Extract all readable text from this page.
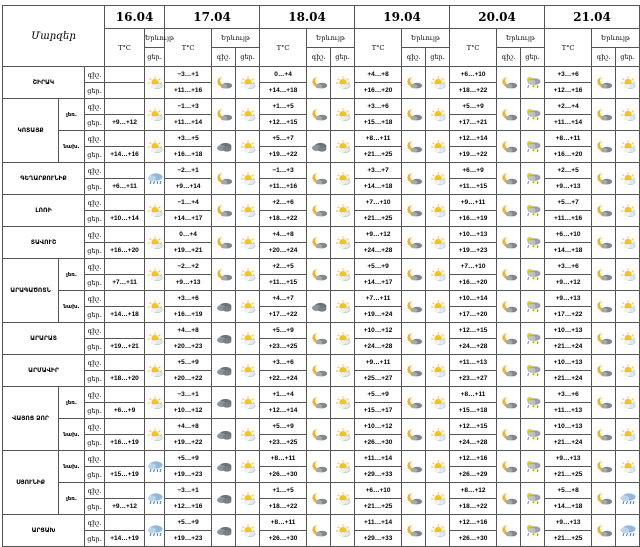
Մարզեր			16.04		17.04			18.04			19.04			20.04			21.04		
			T°C	Երևույթ	T°C	Երևույթ		T°C	Երևույթ		T°C	Երևույթ		T°C	Երևույթ		T°C	Երևույթ	
				ցեր.		գիշ.	ցեր.		գիշ.	ցեր.		գիշ.	ցեր.		գիշ.	ցեր.		գիշ.	ցեր.
ՇԻՐԱԿ		գիշ.			−3…+1			0…+4			+4…+8			+6…+10			+3…+6	

		ցեր.			+11…+16			+14…+18			+16…+20			+18…+22			+12…+16		
ԿՈՏԱՅՔ	լեռ.	գիշ.			−1…+3			+1…+5			+3…+6			+5…+9			+2…+4	

		ցեր.	+9…+12		+11…+14			+12…+15			+15…+18			+17…+21			+11…+14		
	նախ.	գիշ.			+3…+5			+5…+7			+8…+11			+12…+14			+8…+11	

		ցեր.	+14…+16		+16…+18			+19…+22			+21…+25			+19…+22			+16…+20		
ԳԵՂԱՐՔՈՒՆԻՔ		գիշ.			−2…+1			−1…+3			+3…+7			+6…+9			+2…+5	

		ցեր.	+6…+11		+9…+14			+11…+16			+14…+18			+11…+15			+9…+13		
ԼՈՌԻ		գիշ.			−1…+4			+2…+6			+7…+10			+9…+11			+5…+7	

		ցեր.	+10…+14		+14…+17			+18…+22			+21…+25			+16…+19			+11…+16		
ՏԱՎՈՒՇ		գիշ.			0…+4			+4…+8			+9…+12			+10…+13			+6…+10	

		ցեր.	+16…+20		+19…+21			+20…+24			+24…+28			+19…+23			+14…+18		
ԱՐԱԳԱԾՈՏՆ	լեռ.	գիշ.			−2…+2			+2…+5			+5…+9			+7…+10			+3…+6	

		ցեր.	+7…+11		+9…+13			+11…+15			+14…+17			+16…+20			+9…+12		
	նախ.	գիշ.			+3…+6			+4…+7			+7…+11			+10…+14			+9…+13	

		ցեր.	+14…+18		+16…+19			+17…+22			+19…+24			+17…+20			+17…+22		
ԱՐԱՐԱՏ		գիշ.			+4…+8			+5…+9			+10…+12			+12…+15			+10…+13	

		ցեր.	+19…+21		+20…+23			+23…+25			+24…+28			+24…+28			+21…+24		
ԱՐՄԱՎԻՐ		գիշ.			+5…+9			+3…+6			+9…+11			+11…+13			+10…+13	

		ցեր.	+18…+20		+20…+22			+22…+24			+25…+27			+23…+27			+21…+24		
ՎԱՅՈՑ ՁՈՐ	լեռ.	գիշ.			−3…+1			+1…+4			+5…+9			+8…+11			+3…+6	

		ցեր.	+6…+9		+10…+12			+12…+14			+15…+17			+15…+18			+11…+13		
	նախ.	գիշ.			+4…+8			+5…+9			+10…+12			+12…+15			+10…+13	

		ցեր.	+16…+19		+19…+22			+23…+25			+26…+30			+24…+28			+21…+24		
ՍՅՈՒՆԻՔ	նախ.	գիշ.			+5…+9			+8…+11			+11…+14			+12…+16			+9…+13	

		ցեր.	+15…+19		+19…+23			+26…+30			+29…+33			+26…+29			+21…+25		
	լեռ.	գիշ.			−3…+1			+1…+5			+6…+10			+8…+12			+5…+8	

		ցեր.	+9…+12		+12…+16			+18…+22			+21…+25			+18…+22			+14…+18		
ԱՐՑԱԽ		գիշ.			+5…+9			+8…+11			+11…+14			+12…+16			+9…+13	

		ցեր.	+14…+19		+19…+23			+26…+30			+29…+33			+26…+30			+21…+25		
